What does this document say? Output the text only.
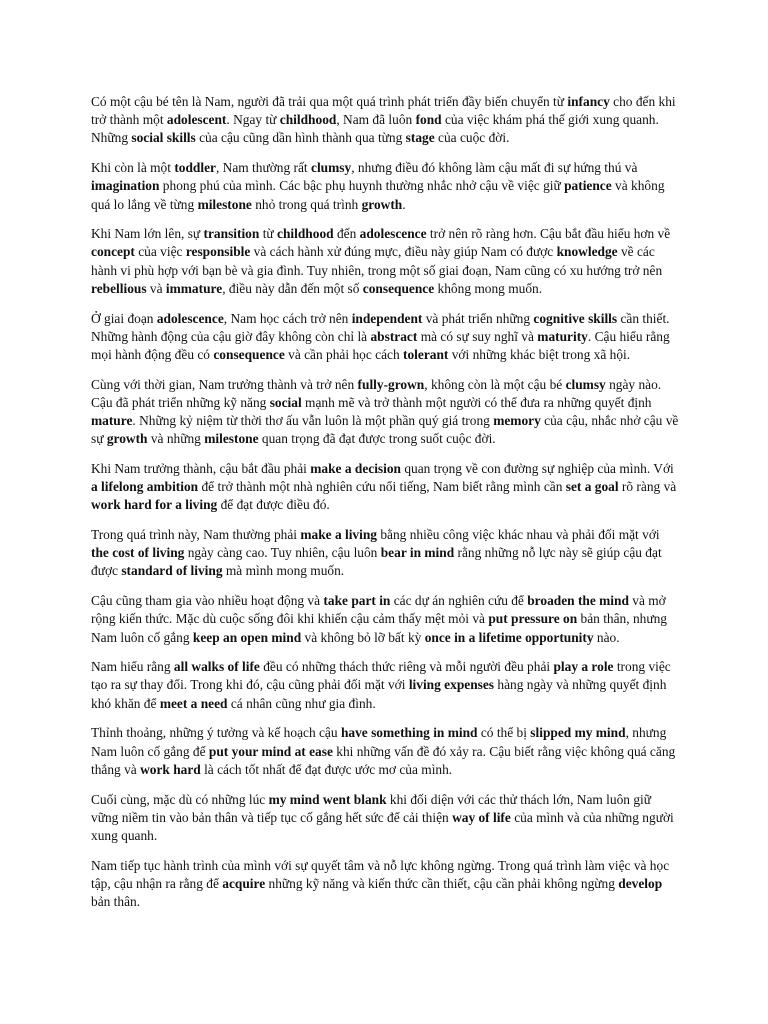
Có một cậu bé tên là Nam, người đã trải qua một quá trình phát triển đầy biến chuyển từ infancy cho đến khi trở thành một adolescent. Ngay từ childhood, Nam đã luôn fond của việc khám phá thế giới xung quanh. Những social skills của cậu cũng dần hình thành qua từng stage của cuộc đời.

Khi còn là một toddler, Nam thường rất clumsy, nhưng điều đó không làm cậu mất đi sự hứng thú và imagination phong phú của mình. Các bậc phụ huynh thường nhắc nhở cậu về việc giữ patience và không quá lo lắng về từng milestone nhỏ trong quá trình growth.

Khi Nam lớn lên, sự transition từ childhood đến adolescence trở nên rõ ràng hơn. Cậu bắt đầu hiểu hơn về concept của việc responsible và cách hành xử đúng mực, điều này giúp Nam có được knowledge về các hành vi phù hợp với bạn bè và gia đình. Tuy nhiên, trong một số giai đoạn, Nam cũng có xu hướng trở nên rebellious và immature, điều này dẫn đến một số consequence không mong muốn.

Ở giai đoạn adolescence, Nam học cách trở nên independent và phát triển những cognitive skills cần thiết. Những hành động của cậu giờ đây không còn chỉ là abstract mà có sự suy nghĩ và maturity. Cậu hiểu rằng mọi hành động đều có consequence và cần phải học cách tolerant với những khác biệt trong xã hội.

Cùng với thời gian, Nam trưởng thành và trở nên fully-grown, không còn là một cậu bé clumsy ngày nào. Cậu đã phát triển những kỹ năng social mạnh mẽ và trở thành một người có thể đưa ra những quyết định mature. Những kỷ niệm từ thời thơ ấu vẫn luôn là một phần quý giá trong memory của cậu, nhắc nhở cậu về sự growth và những milestone quan trọng đã đạt được trong suốt cuộc đời.

Khi Nam trưởng thành, cậu bắt đầu phải make a decision quan trọng về con đường sự nghiệp của mình. Với a lifelong ambition để trở thành một nhà nghiên cứu nổi tiếng, Nam biết rằng mình cần set a goal rõ ràng và work hard for a living để đạt được điều đó.

Trong quá trình này, Nam thường phải make a living bằng nhiều công việc khác nhau và phải đối mặt với the cost of living ngày càng cao. Tuy nhiên, cậu luôn bear in mind rằng những nỗ lực này sẽ giúp cậu đạt được standard of living mà mình mong muốn.

Cậu cũng tham gia vào nhiều hoạt động và take part in các dự án nghiên cứu để broaden the mind và mở rộng kiến thức. Mặc dù cuộc sống đôi khi khiến cậu cảm thấy mệt mỏi và put pressure on bản thân, nhưng Nam luôn cố gắng keep an open mind và không bỏ lỡ bất kỳ once in a lifetime opportunity nào.

Nam hiểu rằng all walks of life đều có những thách thức riêng và mỗi người đều phải play a role trong việc tạo ra sự thay đổi. Trong khi đó, cậu cũng phải đối mặt với living expenses hàng ngày và những quyết định khó khăn để meet a need cá nhân cũng như gia đình.

Thỉnh thoảng, những ý tưởng và kế hoạch cậu have something in mind có thể bị slipped my mind, nhưng Nam luôn cố gắng để put your mind at ease khi những vấn đề đó xảy ra. Cậu biết rằng việc không quá căng thẳng và work hard là cách tốt nhất để đạt được ước mơ của mình.

Cuối cùng, mặc dù có những lúc my mind went blank khi đối diện với các thử thách lớn, Nam luôn giữ vững niềm tin vào bản thân và tiếp tục cố gắng hết sức để cải thiện way of life của mình và của những người xung quanh.

Nam tiếp tục hành trình của mình với sự quyết tâm và nỗ lực không ngừng. Trong quá trình làm việc và học tập, cậu nhận ra rằng để acquire những kỹ năng và kiến thức cần thiết, cậu cần phải không ngừng develop bản thân.
